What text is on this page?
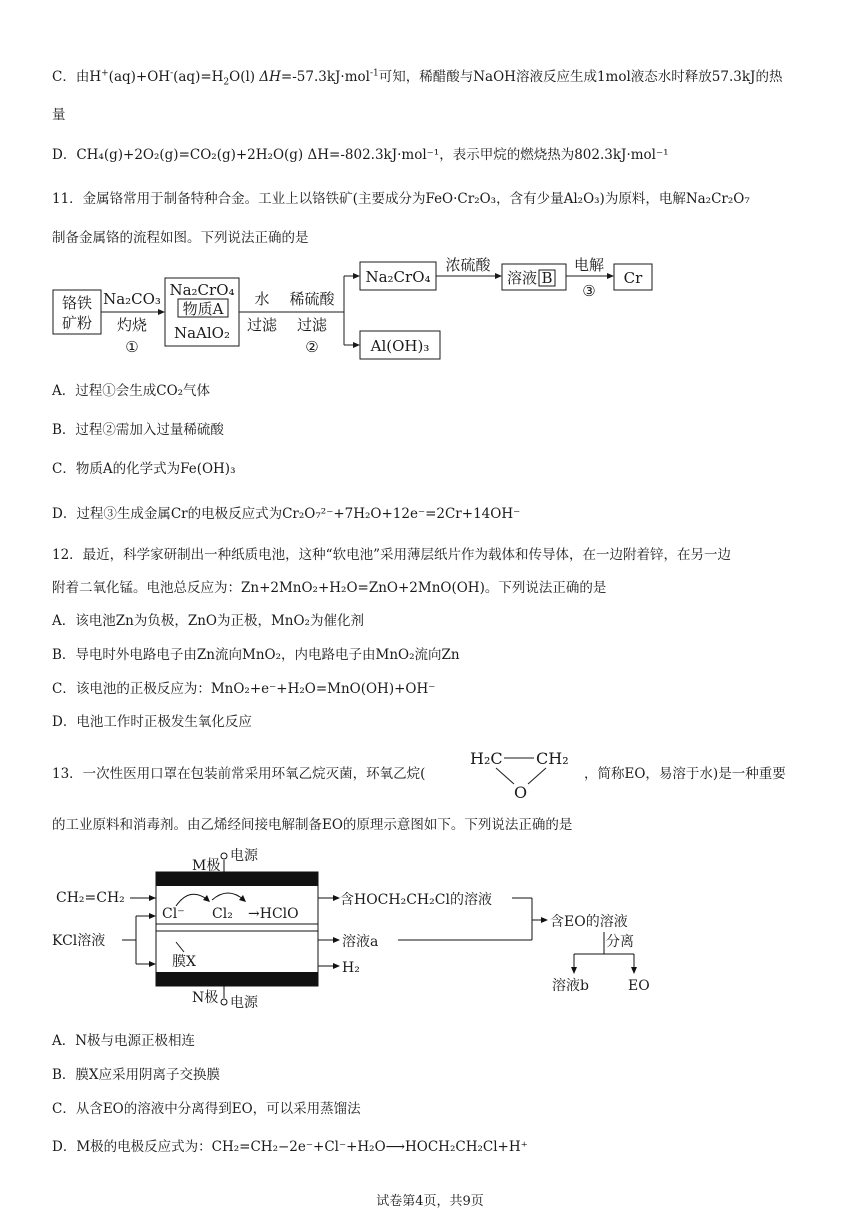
C．由$H^+(aq)+OH^-(aq)=H_2O(l)$ ΔH=-57.3kJ·mol$^{-1}$可知，稀醋酸与NaOH溶液反应生成1mol液态水时释放57.3kJ的热
量
D．CH₄(g)+2O₂(g)=CO₂(g)+2H₂O(g) ΔH=-802.3kJ·mol⁻¹，表示甲烷的燃烧热为802.3kJ·mol⁻¹
11．金属铬常用于制备特种合金。工业上以铬铁矿(主要成分为FeO·Cr₂O₃，含有少量Al₂O₃)为原料，电解Na₂Cr₂O₇
制备金属铬的流程如图。下列说法正确的是
铬铁
矿粉
Na₂CO₃
灼烧
①
Na₂CrO₄
物质A
NaAlO₂
水
过滤
稀硫酸
过滤
②
Na₂CrO₄
浓硫酸
溶液 B
电解
③
Cr
Al(OH)₃
A．过程①会生成CO₂气体
B．过程②需加入过量稀硫酸
C．物质A的化学式为Fe(OH)₃
D．过程③生成金属Cr的电极反应式为Cr₂O₇²⁻+7H₂O+12e⁻=2Cr+14OH⁻
12．最近，科学家研制出一种纸质电池，这种“软电池”采用薄层纸片作为载体和传导体，在一边附着锌，在另一边
附着二氧化锰。电池总反应为：Zn+2MnO₂+H₂O=ZnO+2MnO(OH)。下列说法正确的是
A．该电池Zn为负极，ZnO为正极，MnO₂为催化剂
B．导电时外电路电子由Zn流向MnO₂，内电路电子由MnO₂流向Zn
C．该电池的正极反应为：MnO₂+e⁻+H₂O=MnO(OH)+OH⁻
D．电池工作时正极发生氧化反应
13．一次性医用口罩在包装前常采用环氧乙烷灭菌，环氧乙烷(
H₂C CH₂
O
，简称EO，易溶于水)是一种重要
的工业原料和消毒剂。由乙烯经间接电解制备EO的原理示意图如下。下列说法正确的是
M极
电源
N极 电源
CH₂=CH₂
Cl⁻ Cl₂ →HClO
KCl溶液
膜X
含HOCH₂CH₂Cl的溶液
溶液a
H₂
含EO的溶液
分离
溶液b	EO
A．N极与电源正极相连
B．膜X应采用阴离子交换膜
C．从含EO的溶液中分离得到EO，可以采用蒸馏法
D．M极的电极反应式为：CH₂=CH₂−2e⁻+Cl⁻+H₂O⟶HOCH₂CH₂Cl+H⁺
试卷第4页，共9页
